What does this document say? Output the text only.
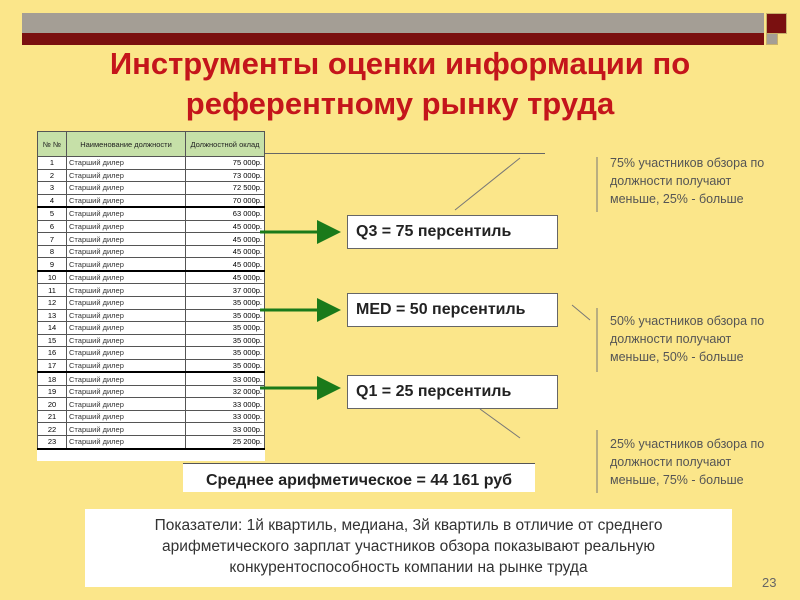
Инструменты оценки информации по референтному рынку труда
№ №	Наименование должности	Должностной оклад
1	Старший дилер	75 000р.
2	Старший дилер	73 000р.
3	Старший дилер	72 500р.
4	Старший дилер	70 000р.
5	Старший дилер	63 000р.
6	Старший дилер	45 000р.
7	Старший дилер	45 000р.
8	Старший дилер	45 000р.
9	Старший дилер	45 000р.
10	Старший дилер	45 000р.
11	Старший дилер	37 000р.
12	Старший дилер	35 000р.
13	Старший дилер	35 000р.
14	Старший дилер	35 000р.
15	Старший дилер	35 000р.
16	Старший дилер	35 000р.
17	Старший дилер	35 000р.
18	Старший дилер	33 000р.
19	Старший дилер	32 000р.
20	Старший дилер	33 000р.
21	Старший дилер	33 000р.
22	Старший дилер	33 000р.
23	Старший дилер	25 200р.
Q3 = 75 персентиль
MED = 50 персентиль
Q1 = 25 персентиль
75% участников обзора по
должности получают
меньше, 25% - больше
50% участников обзора по
должности получают
меньше, 50% - больше
25% участников обзора по
должности получают
меньше, 75% - больше
Среднее арифметическое = 44 161 руб
Показатели: 1й квартиль, медиана, 3й квартиль в отличие от среднего
арифметического зарплат участников обзора показывают реальную
конкурентоспособность компании на рынке труда
23
